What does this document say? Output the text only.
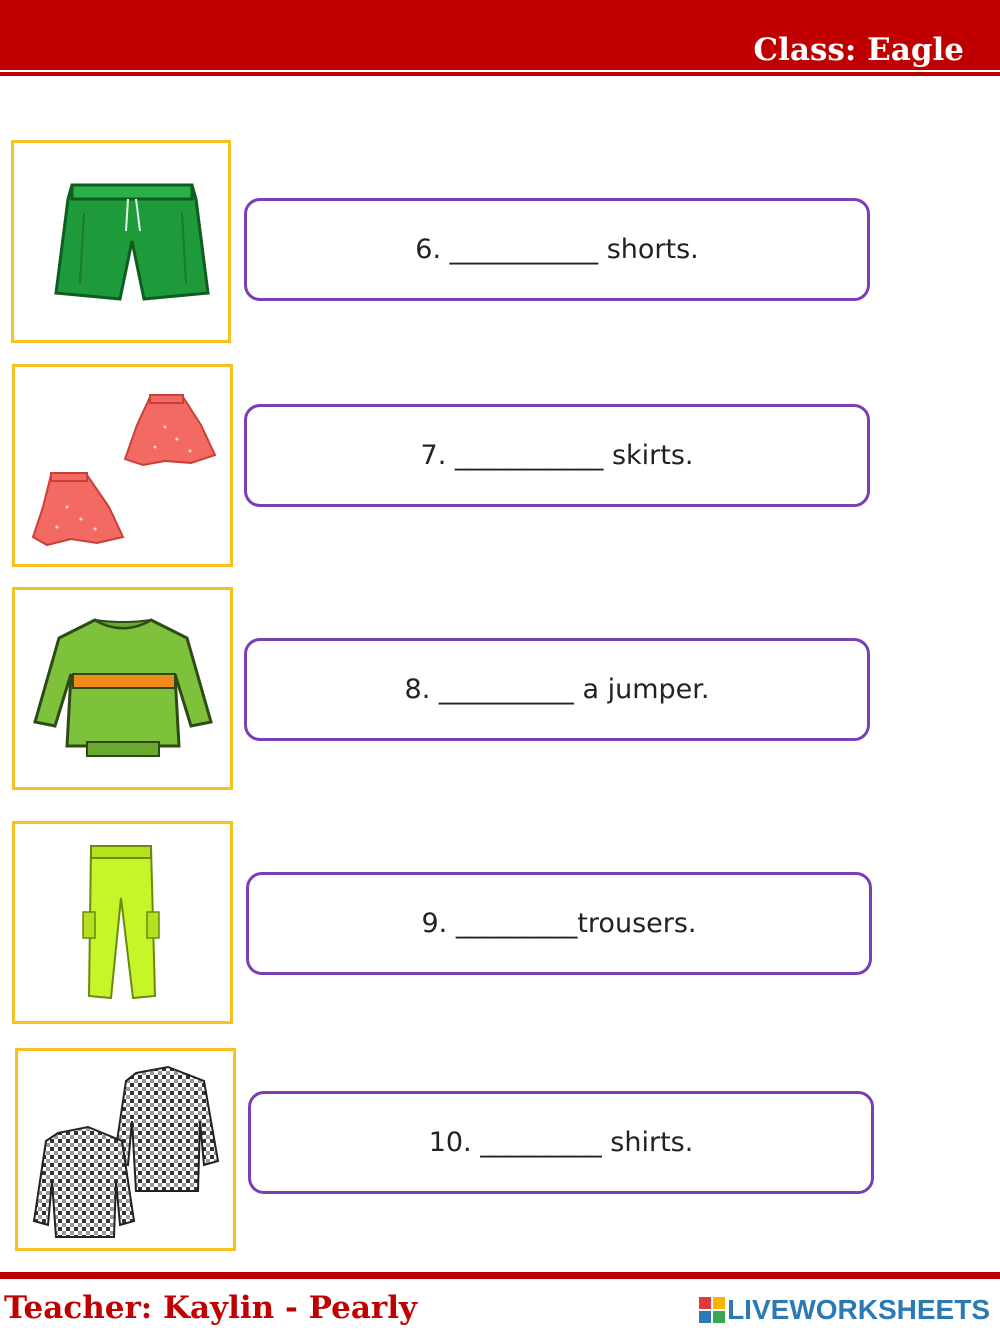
Class: Eagle
6. ___________ shorts.
7. ___________ skirts.
8. __________ a jumper.
9. _________trousers.
10. _________ shirts.
Teacher: Kaylin - Pearly	LIVEWORKSHEETS
